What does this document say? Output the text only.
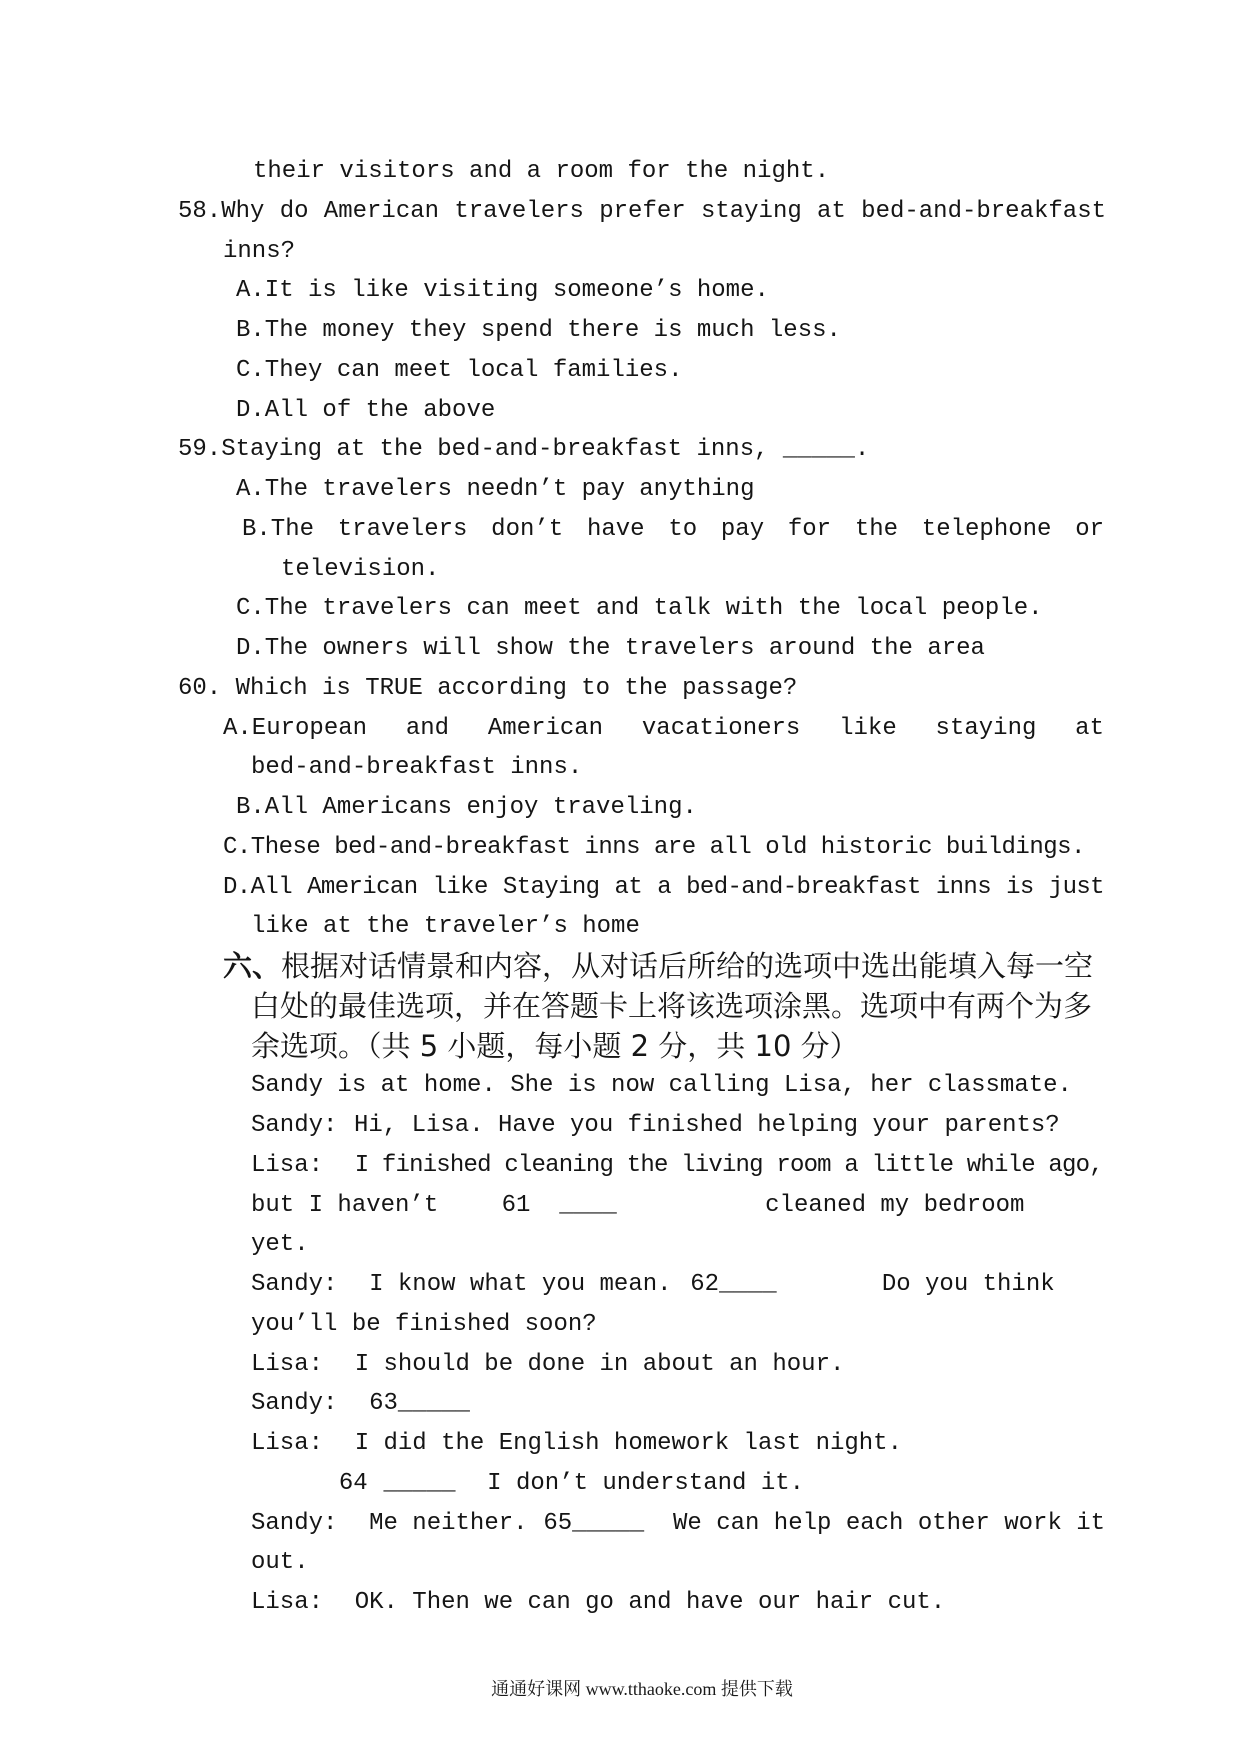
their visitors and a room for the night.
58.Why do American travelers prefer staying at bed-and-breakfast
inns?
A.It is like visiting someone’s home.
B.The money they spend there is much less.
C.They can meet local families.
D.All of the above
59.Staying at the bed-and-breakfast inns, _____.
A.The travelers needn’t pay anything
B.The travelers don’t have to pay for the telephone or
television.
C.The travelers can meet and talk with the local people.
D.The owners will show the travelers around the area
60. Which is TRUE according to the passage?
A.European and American vacationers like staying at
bed-and-breakfast inns.
B.All Americans enjoy traveling.
C.These bed-and-breakfast inns are all old historic buildings.
D.All American like Staying at a bed-and-breakfast inns is just
like at the traveler’s home
六、 根据对话情景和内容，从对话后所给的选项中选出能填入每一空
白处的最佳选项，并在答题卡上将该选项涂黑。选项中有两个为多
余选项。（共 5 小题，每小题 2 分，共 10 分）
Sandy is at home. She is now calling Lisa, her classmate.
Sandy: Hi, Lisa. Have you finished helping your parents?
Lisa: I finished cleaning the living room a little while ago,
but I haven’t	61 ____	cleaned my bedroom
yet.
Sandy: I know what you mean. 62 ____	Do you think
you’ll be finished soon?
Lisa: I should be done in about an hour.
Sandy: 63 _____
Lisa: I did the English homework last night.
64 _____ I don’t understand it.
Sandy: Me neither. 65 _____ We can help each other work it
out.
Lisa: OK. Then we can go and have our hair cut.
通通好课网 www.tthaoke.com 提供下载
